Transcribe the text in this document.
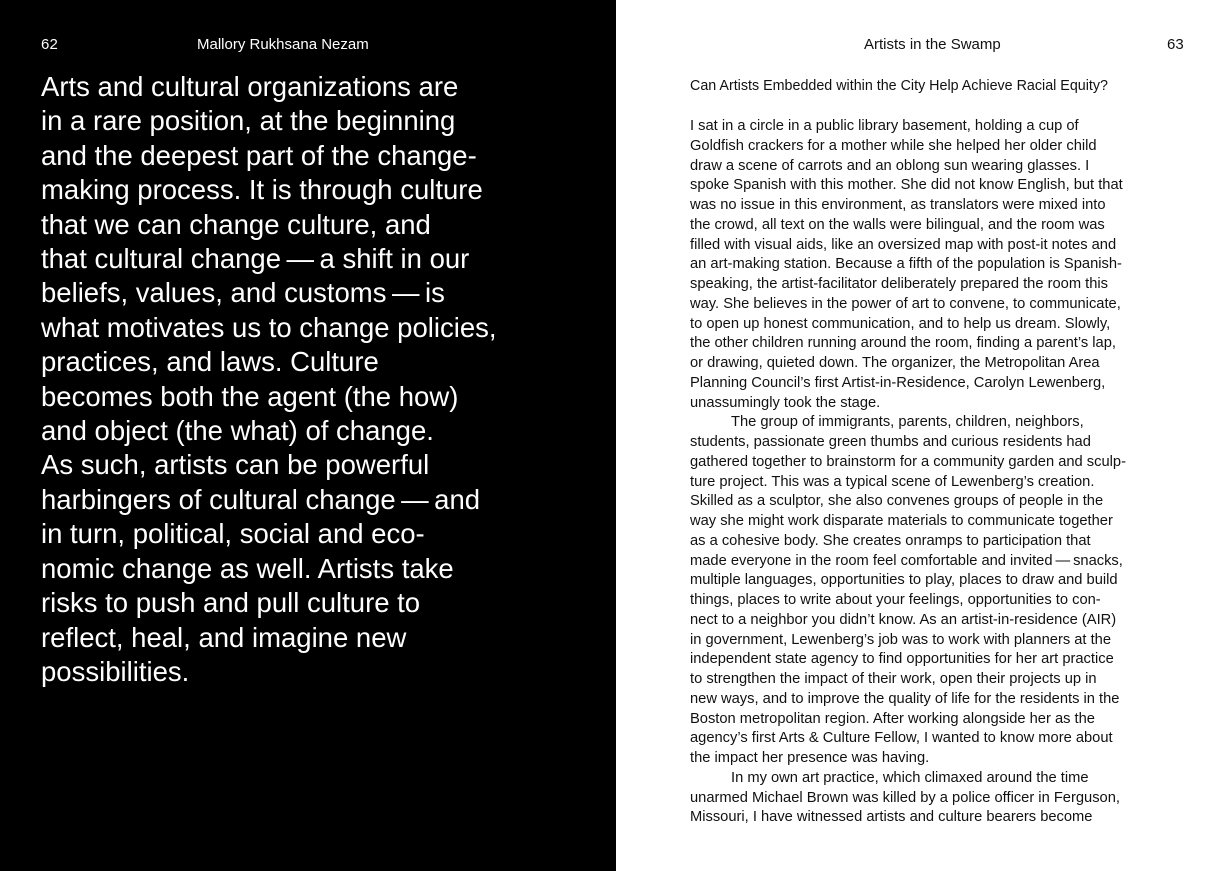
62	Mallory Rukhsana Nezam
Arts and cultural organizations are
in a rare position, at the beginning
and the deepest part of the change-
making process. It is through culture
that we can change culture, and
that cultural change — a shift in our
beliefs, values, and customs — is
what motivates us to change policies,
practices, and laws. Culture
becomes both the agent (the how)
and object (the what) of change.
As such, artists can be powerful
harbingers of cultural change — and
in turn, political, social and eco-
nomic change as well. Artists take
risks to push and pull culture to
reflect, heal, and imagine new
possibilities.
Artists in the Swamp	63
Can Artists Embedded within the City Help Achieve Racial Equity?
I sat in a circle in a public library basement, holding a cup of
Goldfish crackers for a mother while she helped her older child
draw a scene of carrots and an oblong sun wearing glasses. I
spoke Spanish with this mother. She did not know English, but that
was no issue in this environment, as translators were mixed into
the crowd, all text on the walls were bilingual, and the room was
filled with visual aids, like an oversized map with post-it notes and
an art-making station. Because a fifth of the population is Spanish-
speaking, the artist-facilitator deliberately prepared the room this
way. She believes in the power of art to convene, to communicate,
to open up honest communication, and to help us dream. Slowly,
the other children running around the room, finding a parent’s lap,
or drawing, quieted down. The organizer, the Metropolitan Area
Planning Council’s first Artist-in-Residence, Carolyn Lewenberg,
unassumingly took the stage.
The group of immigrants, parents, children, neighbors,
students, passionate green thumbs and curious residents had
gathered together to brainstorm for a community garden and sculp-
ture project. This was a typical scene of Lewenberg’s creation.
Skilled as a sculptor, she also convenes groups of people in the
way she might work disparate materials to communicate together
as a cohesive body. She creates onramps to participation that
made everyone in the room feel comfortable and invited — snacks,
multiple languages, opportunities to play, places to draw and build
things, places to write about your feelings, opportunities to con-
nect to a neighbor you didn’t know. As an artist-in-residence (AIR)
in government, Lewenberg’s job was to work with planners at the
independent state agency to find opportunities for her art practice
to strengthen the impact of their work, open their projects up in
new ways, and to improve the quality of life for the residents in the
Boston metropolitan region. After working alongside her as the
agency’s first Arts & Culture Fellow, I wanted to know more about
the impact her presence was having.
In my own art practice, which climaxed around the time
unarmed Michael Brown was killed by a police officer in Ferguson,
Missouri, I have witnessed artists and culture bearers become
